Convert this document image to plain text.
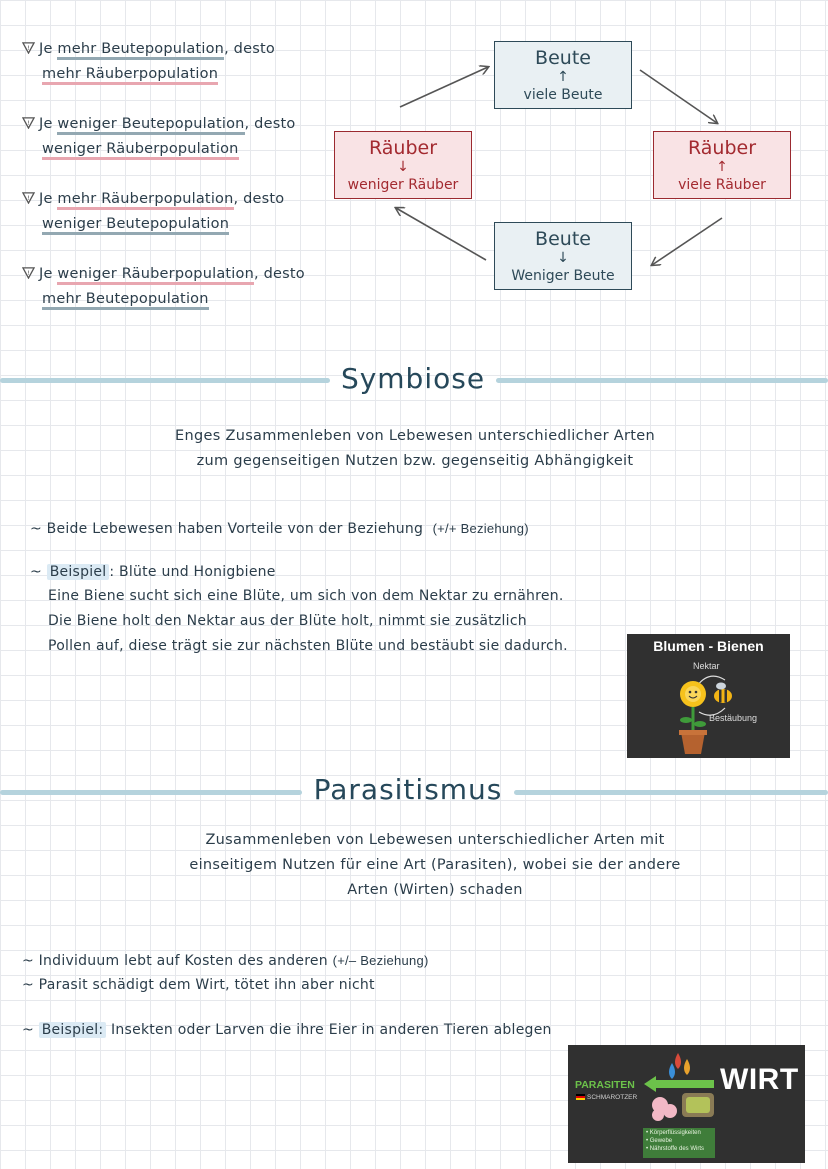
! Je mehr Beutepopulation, desto
mehr Räuberpopulation
! Je weniger Beutepopulation, desto
weniger Räuberpopulation
! Je mehr Räuberpopulation, desto
weniger Beutepopulation
! Je weniger Räuberpopulation, desto
mehr Beutepopulation
Beute
↑
viele Beute
Räuber
↑
viele Räuber
Beute
↓
Weniger Beute
Räuber
↓
weniger Räuber
Symbiose
Enges Zusammenleben von Lebewesen unterschiedlicher Arten
zum gegenseitigen Nutzen bzw. gegenseitig Abhängigkeit
~ Beide Lebewesen haben Vorteile von der Beziehung (+/+ Beziehung)
~ Beispiel : Blüte und Honigbiene
Eine Biene sucht sich eine Blüte, um sich von dem Nektar zu ernähren.
Die Biene holt den Nektar aus der Blüte holt, nimmt sie zusätzlich
Pollen auf, diese trägt sie zur nächsten Blüte und bestäubt sie dadurch.	Blumen - Bienen
Nektar
Bestäubung
Parasitismus
Zusammenleben von Lebewesen unterschiedlicher Arten mit
einseitigem Nutzen für eine Art (Parasiten), wobei sie der andere
Arten (Wirten) schaden
~ Individuum lebt auf Kosten des anderen (+/– Beziehung)
~ Parasit schädigt dem Wirt, tötet ihn aber nicht
~ Beispiel: Insekten oder Larven die ihre Eier in anderen Tieren ablegen
PARASITEN
SCHMAROTZER
WIRT
• Körperflüssigkeiten
• Gewebe
• Nährstoffe des Wirts
